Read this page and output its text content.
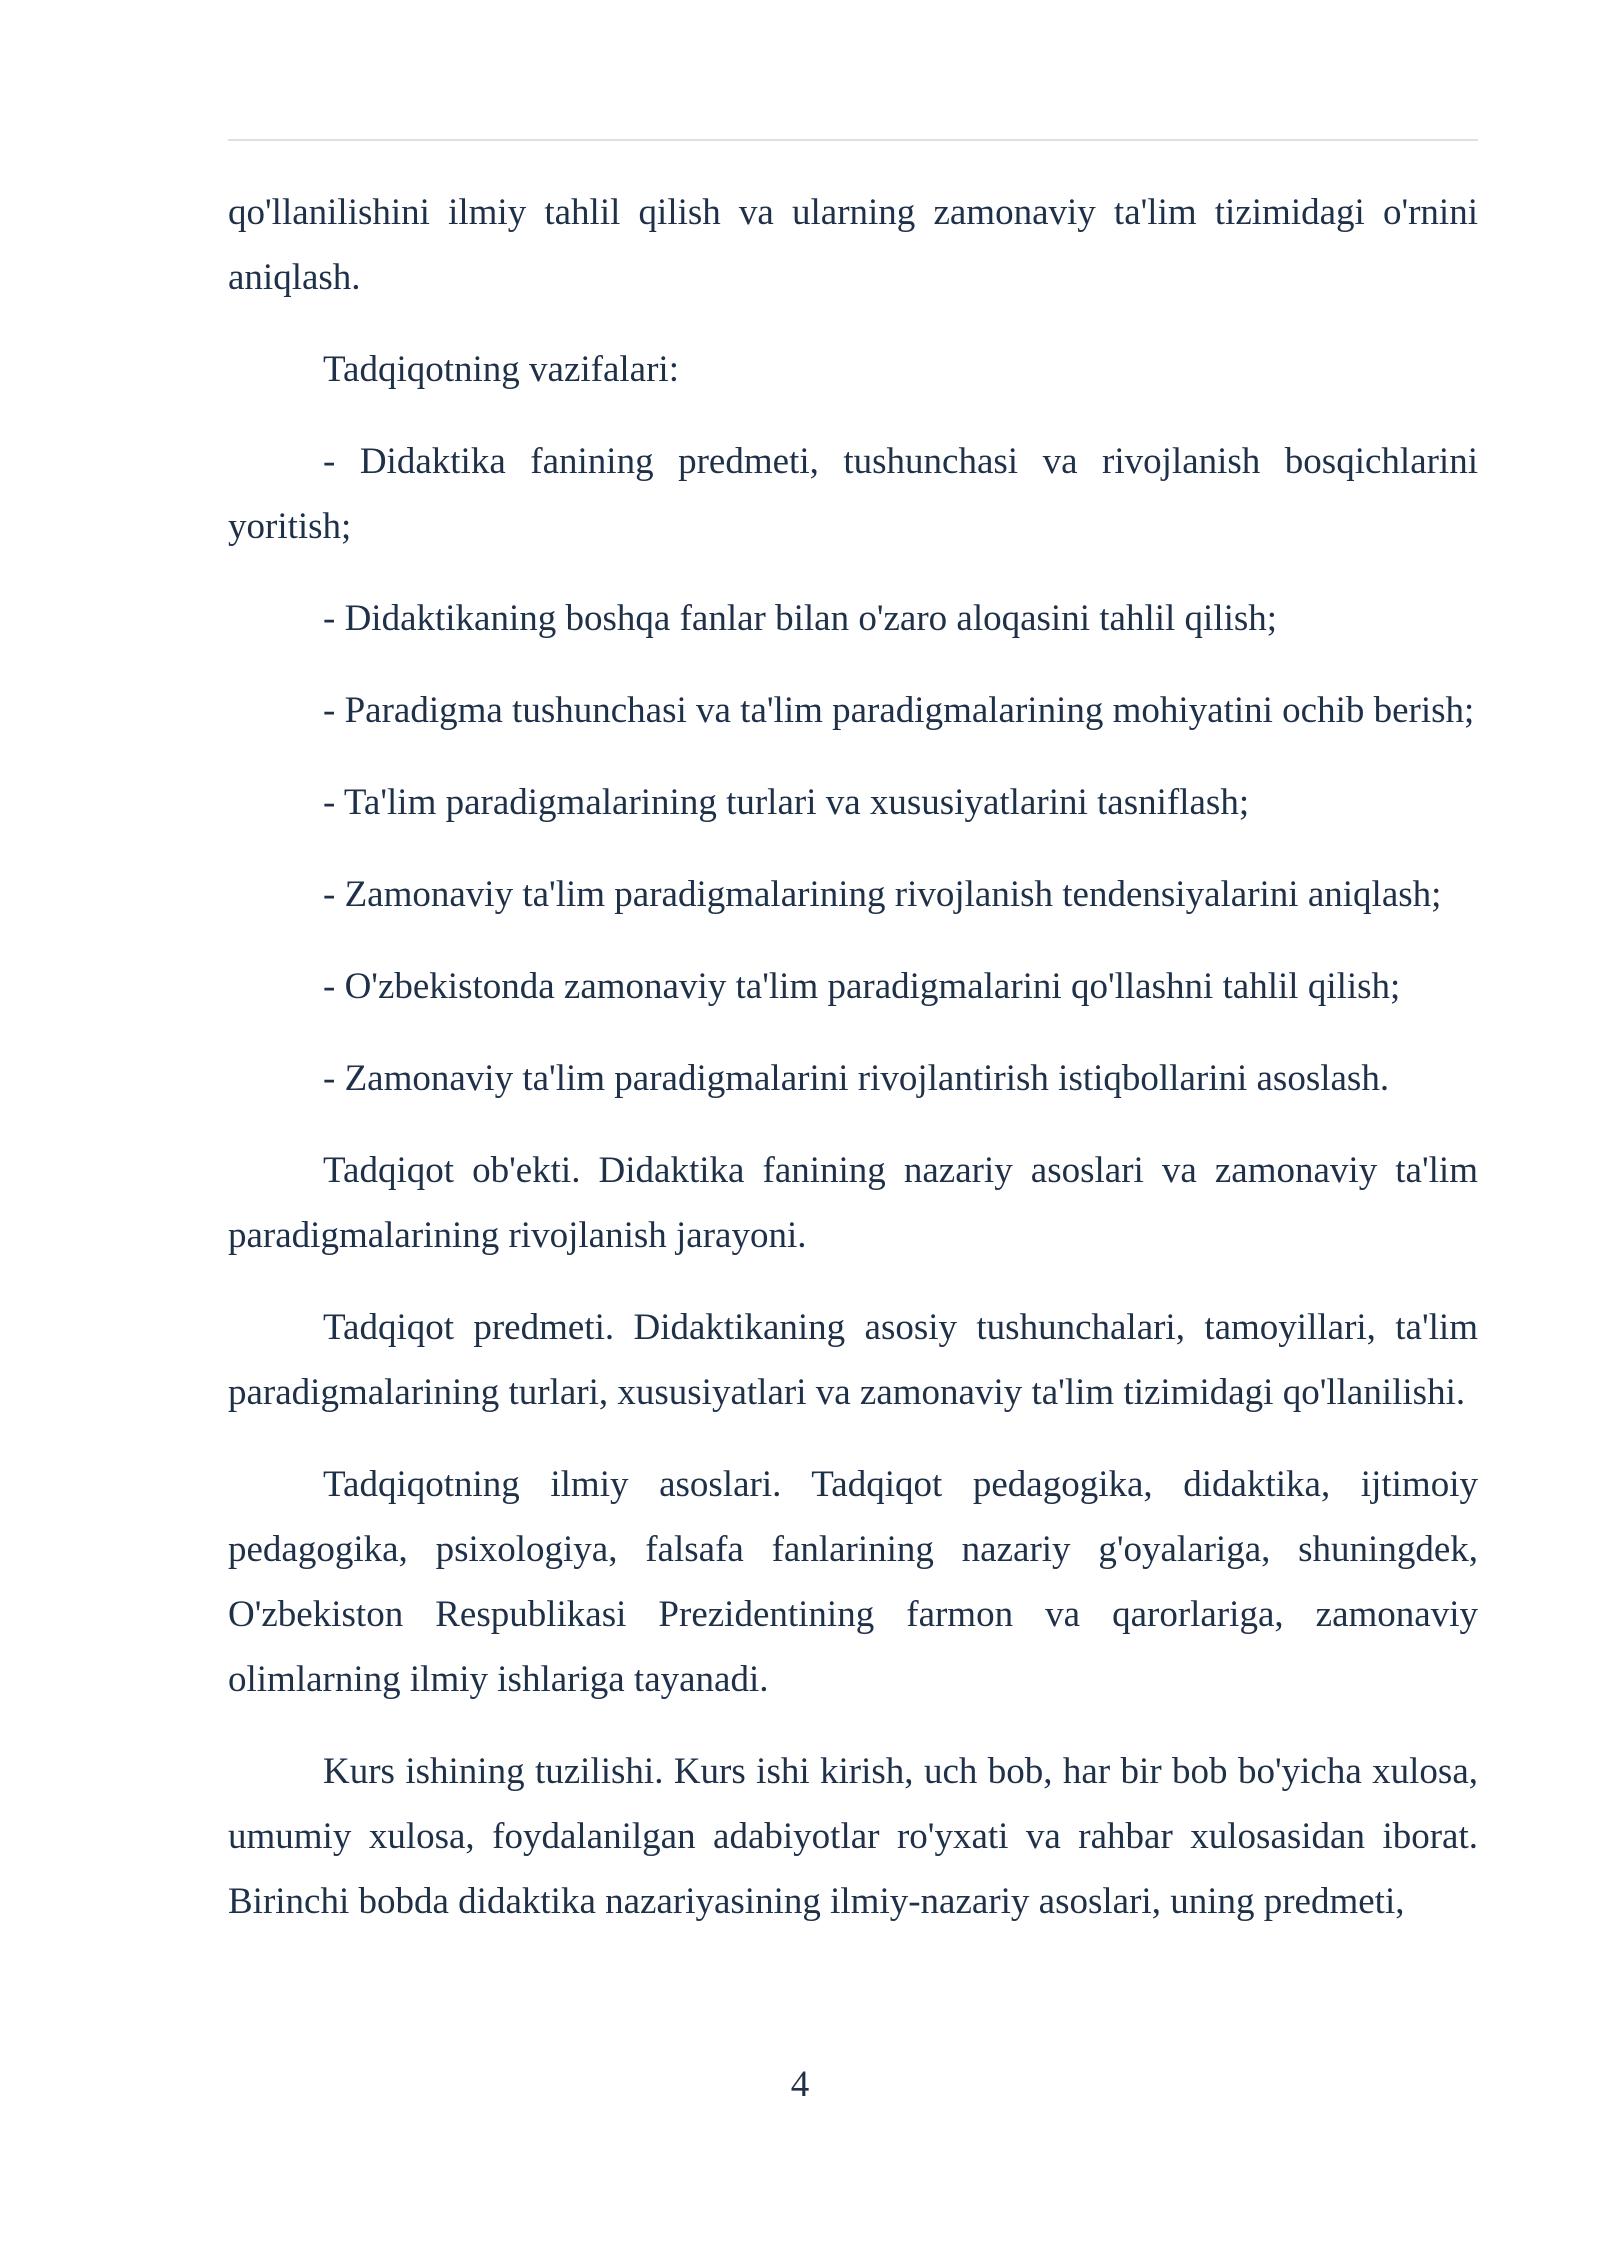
qo'llanilishini ilmiy tahlil qilish va ularning zamonaviy ta'lim tizimidagi o'rnini aniqlash.

Tadqiqotning vazifalari:

- Didaktika fanining predmeti, tushunchasi va rivojlanish bosqichlarini yoritish;

- Didaktikaning boshqa fanlar bilan o'zaro aloqasini tahlil qilish;

- Paradigma tushunchasi va ta'lim paradigmalarining mohiyatini ochib berish;

- Ta'lim paradigmalarining turlari va xususiyatlarini tasniflash;

- Zamonaviy ta'lim paradigmalarining rivojlanish tendensiyalarini aniqlash;

- O'zbekistonda zamonaviy ta'lim paradigmalarini qo'llashni tahlil qilish;

- Zamonaviy ta'lim paradigmalarini rivojlantirish istiqbollarini asoslash.

Tadqiqot ob'ekti. Didaktika fanining nazariy asoslari va zamonaviy ta'lim paradigmalarining rivojlanish jarayoni.

Tadqiqot predmeti. Didaktikaning asosiy tushunchalari, tamoyillari, ta'lim paradigmalarining turlari, xususiyatlari va zamonaviy ta'lim tizimidagi qo'llanilishi.

Tadqiqotning ilmiy asoslari. Tadqiqot pedagogika, didaktika, ijtimoiy pedagogika, psixologiya, falsafa fanlarining nazariy g'oyalariga, shuningdek, O'zbekiston Respublikasi Prezidentining farmon va qarorlariga, zamonaviy olimlarning ilmiy ishlariga tayanadi.

Kurs ishining tuzilishi. Kurs ishi kirish, uch bob, har bir bob bo'yicha xulosa, umumiy xulosa, foydalanilgan adabiyotlar ro'yxati va rahbar xulosasidan iborat. Birinchi bobda didaktika nazariyasining ilmiy-nazariy asoslari, uning predmeti,

4
